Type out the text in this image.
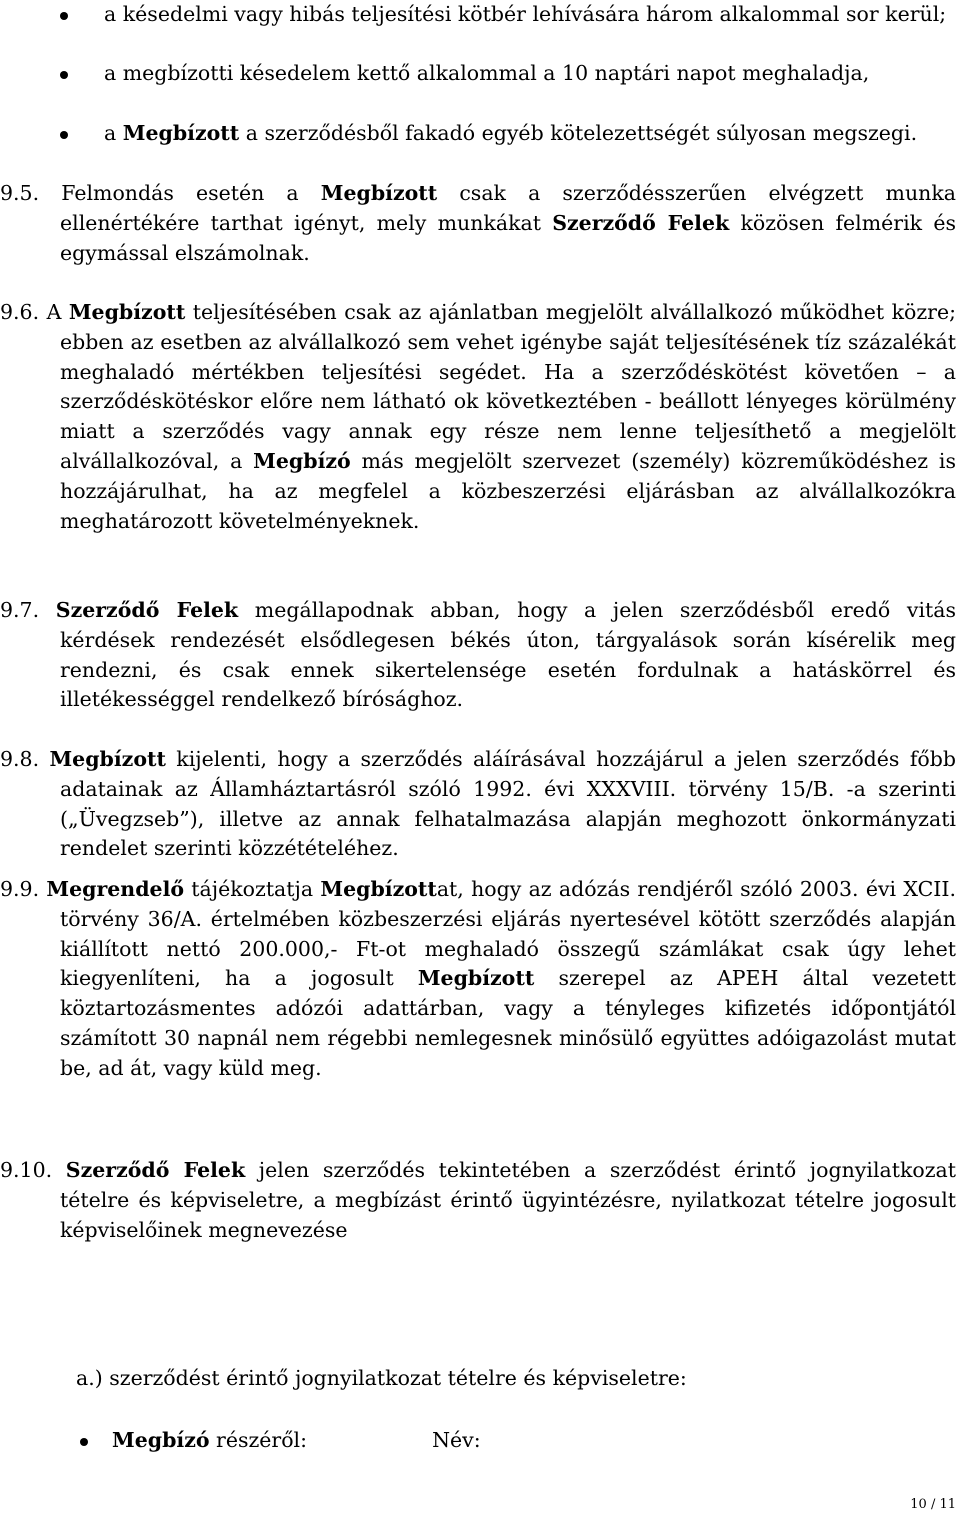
a késedelmi vagy hibás teljesítési kötbér lehívására három alkalommal sor kerül;

a megbízotti késedelem kettő alkalommal a 10 naptári napot meghaladja,

a Megbízott a szerződésből fakadó egyéb kötelezettségét súlyosan megszegi.

9.5. Felmondás esetén a Megbízott csak a szerződésszerűen elvégzett munka ellenértékére tarthat igényt, mely munkákat Szerződő Felek közösen felmérik és egymással elszámolnak.

9.6. A Megbízott teljesítésében csak az ajánlatban megjelölt alvállalkozó működhet közre; ebben az esetben az alvállalkozó sem vehet igénybe saját teljesítésének tíz százalékát meghaladó mértékben teljesítési segédet. Ha a szerződéskötést követően – a szerződéskötéskor előre nem látható ok következtében - beállott lényeges körülmény miatt a szerződés vagy annak egy része nem lenne teljesíthető a megjelölt alvállalkozóval, a Megbízó más megjelölt szervezet (személy) közreműködéshez is hozzájárulhat, ha az megfelel a közbeszerzési eljárásban az alvállalkozókra meghatározott követelményeknek.

9.7. Szerződő Felek megállapodnak abban, hogy a jelen szerződésből eredő vitás kérdések rendezését elsődlegesen békés úton, tárgyalások során kísérelik meg rendezni, és csak ennek sikertelensége esetén fordulnak a hatáskörrel és illetékességgel rendelkező bírósághoz.

9.8. Megbízott kijelenti, hogy a szerződés aláírásával hozzájárul a jelen szerződés főbb adatainak az Államháztartásról szóló 1992. évi XXXVIII. törvény 15/B. -a szerinti („Üvegzseb”), illetve az annak felhatalmazása alapján meghozott önkormányzati rendelet szerinti közzétételéhez.

9.9. Megrendelő tájékoztatja Megbízottat, hogy az adózás rendjéről szóló 2003. évi XCII. törvény 36/A. értelmében közbeszerzési eljárás nyertesével kötött szerződés alapján kiállított nettó 200.000,- Ft-ot meghaladó összegű számlákat csak úgy lehet kiegyenlíteni, ha a jogosult Megbízott szerepel az APEH által vezetett köztartozásmentes adózói adattárban, vagy a tényleges kifizetés időpontjától számított 30 napnál nem régebbi nemlegesnek minősülő együttes adóigazolást mutat be, ad át, vagy küld meg.

9.10. Szerződő Felek jelen szerződés tekintetében a szerződést érintő jognyilatkozat tételre és képviseletre, a megbízást érintő ügyintézésre, nyilatkozat tételre jogosult képviselőinek megnevezése

a.) szerződést érintő jognyilatkozat tételre és képviseletre:

Megbízó részéről:	Név:
10 / 11
